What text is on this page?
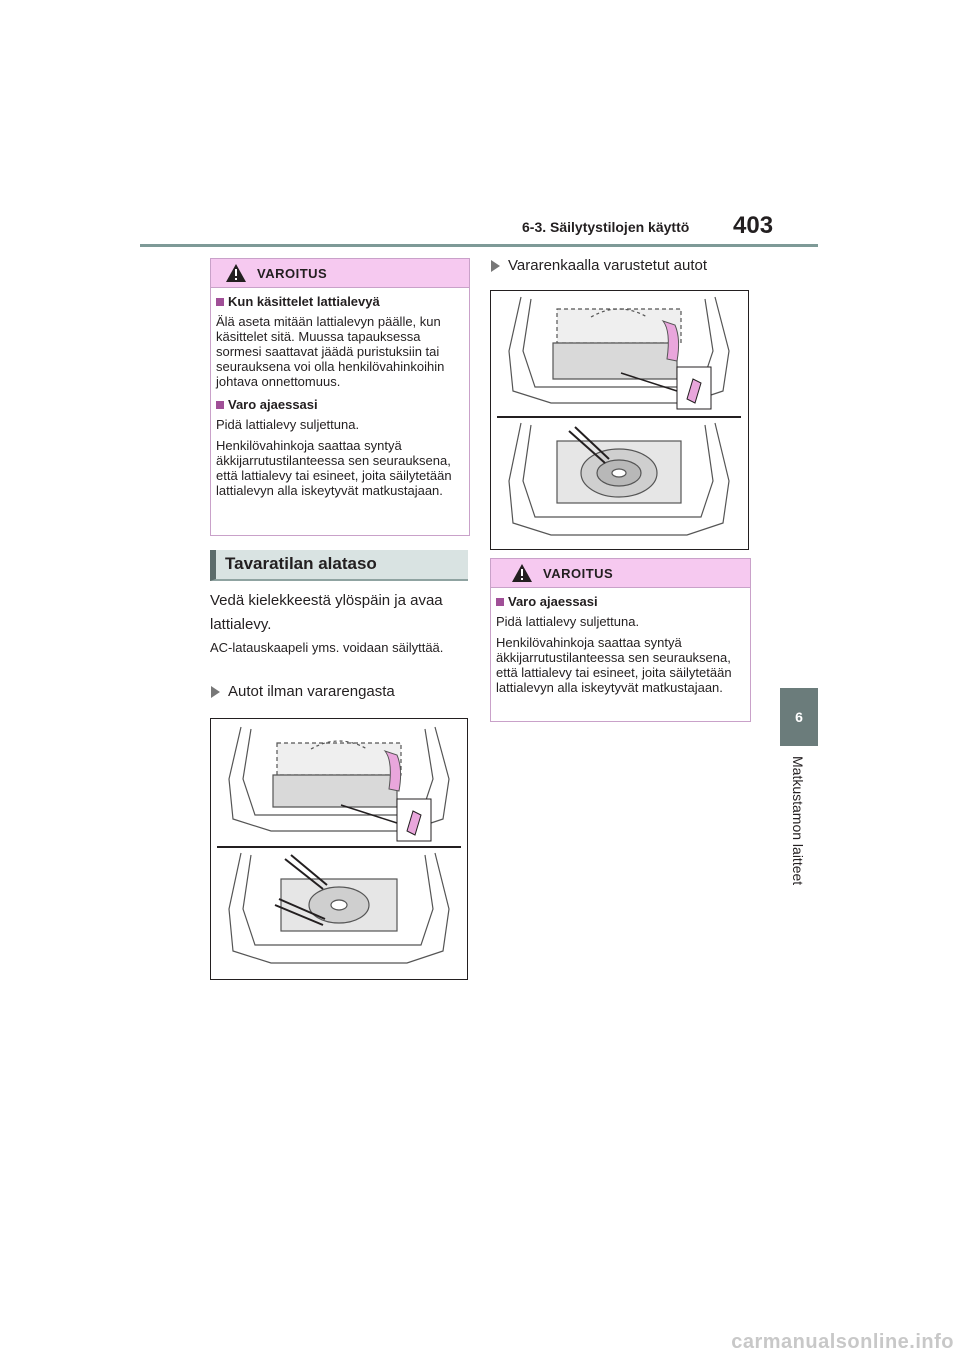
6-3. Säilytystilojen käyttö 403
6
Matkustamon laitteet
VAROITUS
Kun käsittelet lattialevyä

Älä aseta mitään lattialevyn päälle, kun käsittelet sitä. Muussa tapauksessa sormesi saattavat jäädä puristuksiin tai seurauksena voi olla henkilövahinkoihin johtava onnettomuus.

Varo ajaessasi

Pidä lattialevy suljettuna.

Henkilövahinkoja saattaa syntyä äkkijarrutustilanteessa sen seurauksena, että lattialevy tai esineet, joita säilytetään lattialevyn alla iskeytyvät matkustajaan.

Tavaratilan alataso
Vedä kielekkeestä ylöspäin ja avaa lattialevy.
AC-latauskaapeli yms. voidaan säilyttää.
Autot ilman vararengasta
Vararenkaalla varustetut autot
VAROITUS
Varo ajaessasi

Pidä lattialevy suljettuna.

Henkilövahinkoja saattaa syntyä äkkijarrutustilanteessa sen seurauksena, että lattialevy tai esineet, joita säilytetään lattialevyn alla iskeytyvät matkustajaan.

carmanualsonline.info
